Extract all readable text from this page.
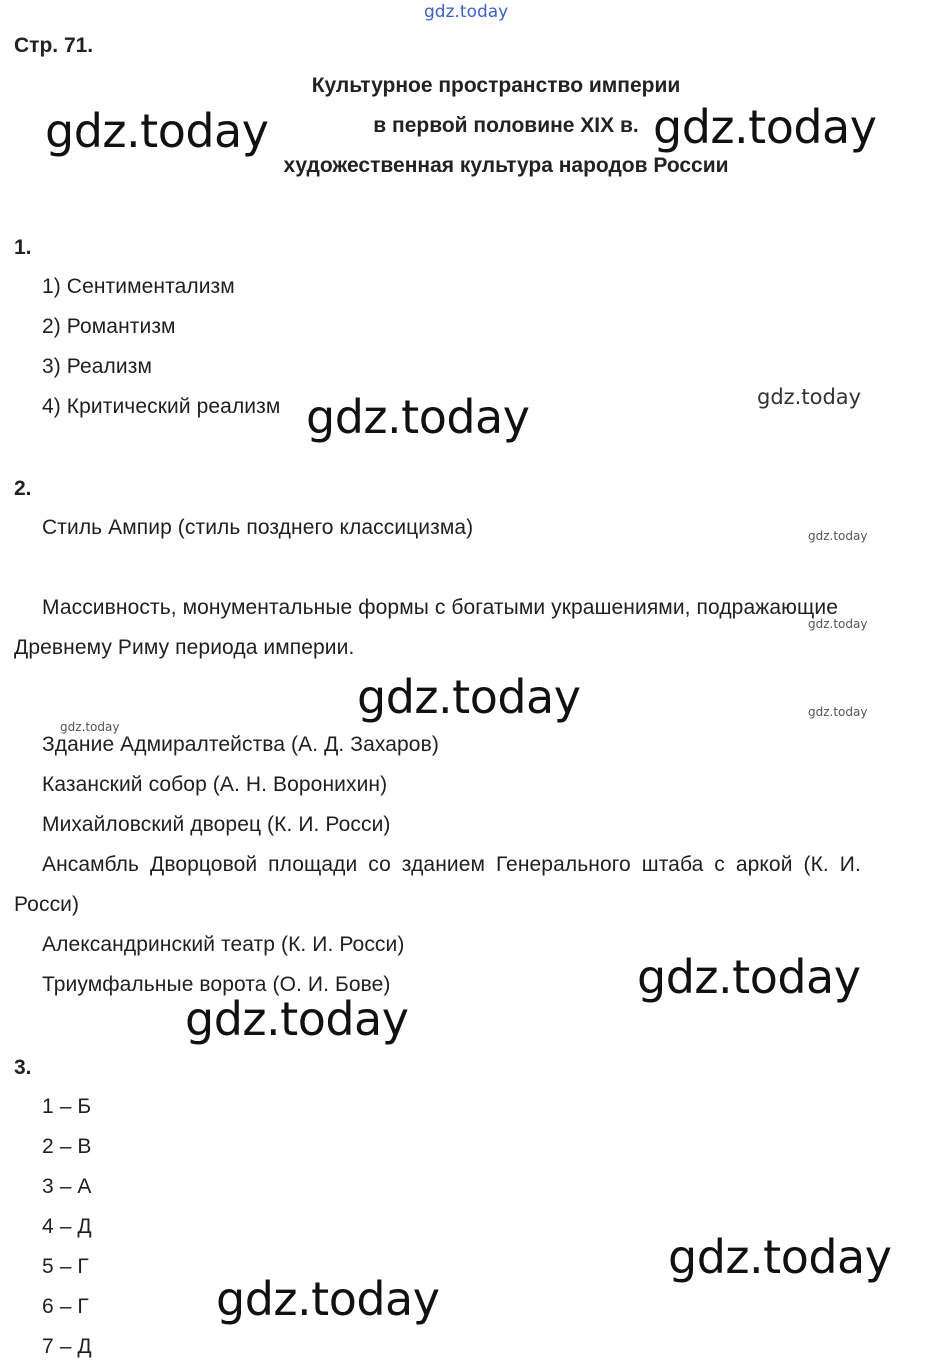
gdz.today
Стр. 71.
Культурное пространство империи
в первой половине XIX в.
художественная культура народов России
gdz.today	gdz.today
1.
1) Сентиментализм
2) Романтизм
3) Реализм
4) Критический реализм gdz.today	gdz.today
2.
Стиль Ампир (стиль позднего классицизма)	gdz.today
Массивность, монументальные формы с богатыми украшениями, подражающие
gdz.today
Древнему Риму периода империи.
gdz.today	gdz.today
gdz.today
Здание Адмиралтейства (А. Д. Захаров)
Казанский собор (А. Н. Воронихин)
Михайловский дворец (К. И. Росси)
Ансамбль Дворцовой площади со зданием Генерального штаба с аркой (К. И.
Росси)
Александринский театр (К. И. Росси)
Триумфальные ворота (О. И. Бове)	gdz.today
gdz.today
3.
1 – Б
2 – В
3 – А
4 – Д
5 – Г
6 – Г
7 – Д
gdz.today
gdz.today
